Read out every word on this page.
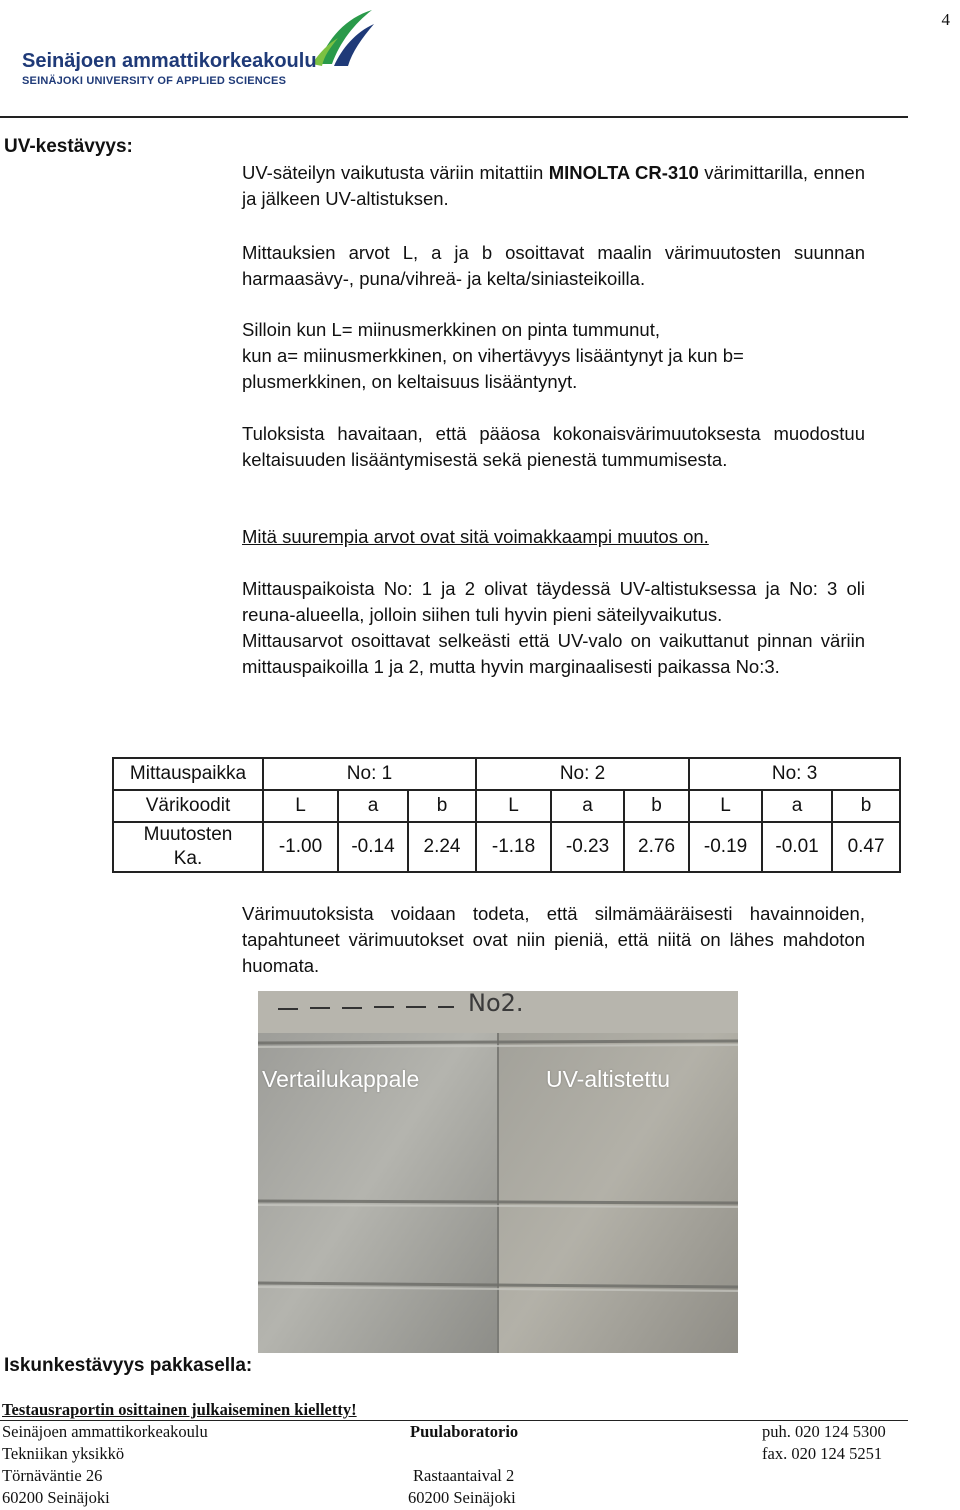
4
Seinäjoen ammattikorkeakoulu
SEINÄJOKI UNIVERSITY OF APPLIED SCIENCES
UV-kestävyys:

UV-säteilyn vaikutusta väriin mitattiin MINOLTA CR-310 värimittarilla, ennen ja jälkeen UV-altistuksen.

Mittauksien arvot L, a ja b osoittavat maalin värimuutosten suunnan harmaasävy-, puna/vihreä- ja kelta/siniasteikoilla.

Silloin kun L= miinusmerkkinen on pinta tummunut,
kun a= miinusmerkkinen, on vihertävyys lisääntynyt ja kun b=
plusmerkkinen, on keltaisuus lisääntynyt.

Tuloksista havaitaan, että pääosa kokonaisvärimuutoksesta muodostuu keltaisuuden lisääntymisestä sekä pienestä tummumisesta.

Mitä suurempia arvot ovat sitä voimakkaampi muutos on.

Mittauspaikoista No: 1 ja 2 olivat täydessä UV-altistuksessa ja No: 3 oli reuna-alueella, jolloin siihen tuli hyvin pieni säteilyvaikutus.

Mittausarvot osoittavat selkeästi että UV-valo on vaikuttanut pinnan väriin mittauspaikoilla 1 ja 2, mutta hyvin marginaalisesti paikassa No:3.

Mittauspaikka	No: 1			No: 2			No: 3		
Värikoodit	L	a	b	L	a	b	L	a	b

Muutosten
Ka.	-1.00	-0.14	2.24	-1.18	-0.23	2.76	-0.19	-0.01	0.47

Värimuutoksista voidaan todeta, että silmämääräisesti havainnoiden, tapahtuneet värimuutokset ovat niin pieniä, että niitä on lähes mahdoton huomata.

No2.
Vertailukappale	UV-altistettu
Iskunkestävyys pakkasella:
Testausraportin osittainen julkaiseminen kielletty!
Seinäjoen ammattikorkeakoulu
Tekniikan yksikkö
Törnäväntie 26
60200 Seinäjoki
Puulaboratorio
Rastaantaival 2
60200 Seinäjoki
puh. 020 124 5300
fax. 020 124 5251
